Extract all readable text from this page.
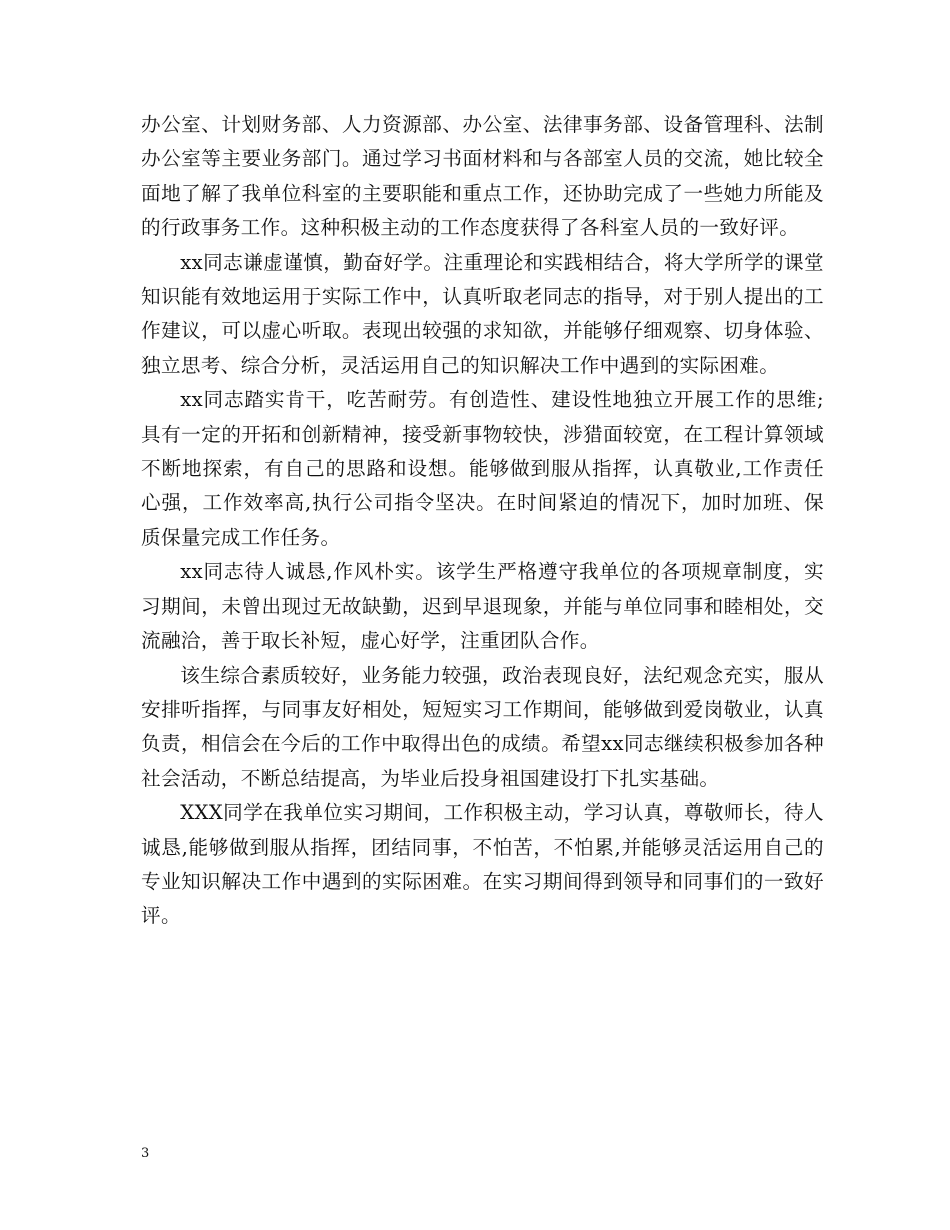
办公室、计划财务部、人力资源部、办公室、法律事务部、设备管理科、法制办公室等主要业务部门。通过学习书面材料和与各部室人员的交流，她比较全面地了解了我单位科室的主要职能和重点工作，还协助完成了一些她力所能及的行政事务工作。这种积极主动的工作态度获得了各科室人员的一致好评。

xx同志谦虚谨慎，勤奋好学。注重理论和实践相结合，将大学所学的课堂知识能有效地运用于实际工作中，认真听取老同志的指导，对于别人提出的工作建议，可以虚心听取。表现出较强的求知欲，并能够仔细观察、切身体验、独立思考、综合分析，灵活运用自己的知识解决工作中遇到的实际困难。

xx同志踏实肯干，吃苦耐劳。有创造性、建设性地独立开展工作的思维;具有一定的开拓和创新精神，接受新事物较快，涉猎面较宽，在工程计算领域不断地探索，有自己的思路和设想。能够做到服从指挥，认真敬业,工作责任心强，工作效率高,执行公司指令坚决。在时间紧迫的情况下，加时加班、保质保量完成工作任务。

xx同志待人诚恳,作风朴实。该学生严格遵守我单位的各项规章制度，实习期间，未曾出现过无故缺勤，迟到早退现象，并能与单位同事和睦相处，交流融洽，善于取长补短，虚心好学，注重团队合作。

该生综合素质较好，业务能力较强，政治表现良好，法纪观念充实，服从安排听指挥，与同事友好相处，短短实习工作期间，能够做到爱岗敬业，认真负责，相信会在今后的工作中取得出色的成绩。希望xx同志继续积极参加各种社会活动，不断总结提高，为毕业后投身祖国建设打下扎实基础。

XXX同学在我单位实习期间，工作积极主动，学习认真，尊敬师长，待人诚恳,能够做到服从指挥，团结同事，不怕苦，不怕累,并能够灵活运用自己的专业知识解决工作中遇到的实际困难。在实习期间得到领导和同事们的一致好评。

3
